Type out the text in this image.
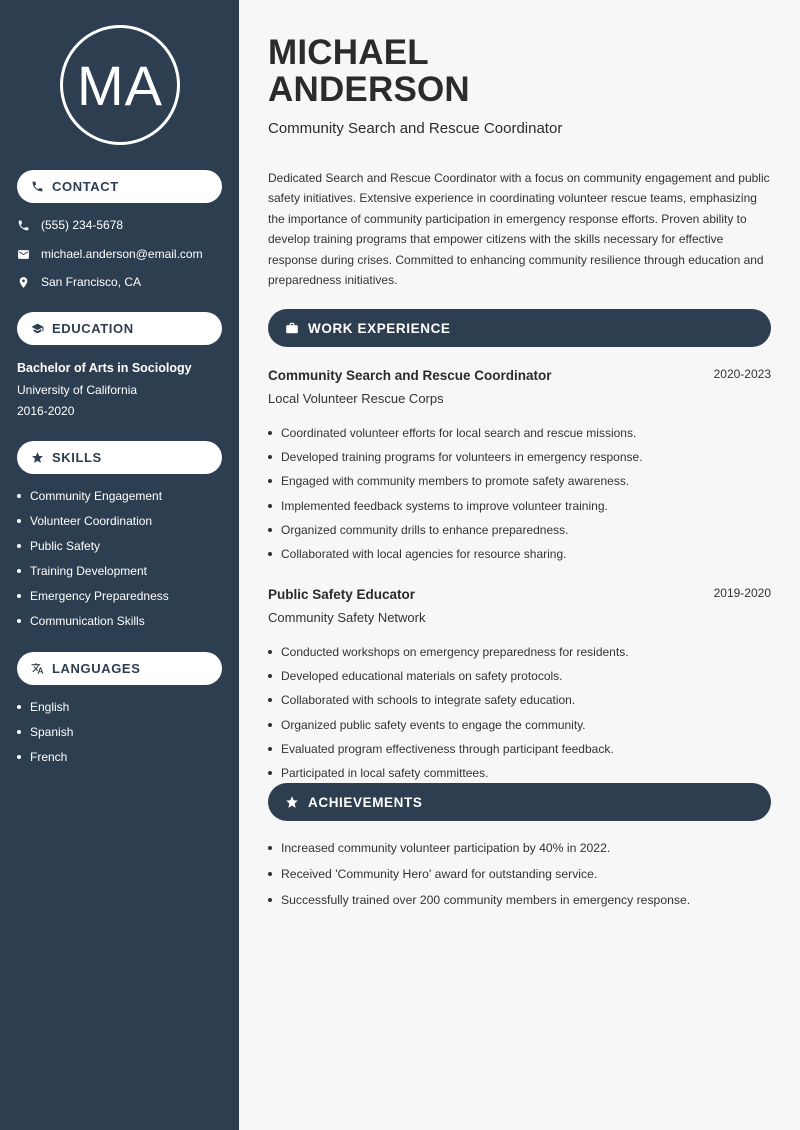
MA
CONTACT
(555) 234-5678
michael.anderson@email.com
San Francisco, CA
EDUCATION
Bachelor of Arts in Sociology
University of California
2016-2020
SKILLS
Community Engagement
Volunteer Coordination
Public Safety
Training Development
Emergency Preparedness
Communication Skills
LANGUAGES
English
Spanish
French
MICHAEL
ANDERSON
Community Search and Rescue Coordinator

Dedicated Search and Rescue Coordinator with a focus on community engagement and public safety initiatives. Extensive experience in coordinating volunteer rescue teams, emphasizing the importance of community participation in emergency response efforts. Proven ability to develop training programs that empower citizens with the skills necessary for effective response during crises. Committed to enhancing community resilience through education and preparedness initiatives.

WORK EXPERIENCE
Community Search and Rescue Coordinator	2020-2023
Local Volunteer Rescue Corps
Coordinated volunteer efforts for local search and rescue missions.
Developed training programs for volunteers in emergency response.
Engaged with community members to promote safety awareness.
Implemented feedback systems to improve volunteer training.
Organized community drills to enhance preparedness.
Collaborated with local agencies for resource sharing.
Public Safety Educator	2019-2020
Community Safety Network
Conducted workshops on emergency preparedness for residents.
Developed educational materials on safety protocols.
Collaborated with schools to integrate safety education.
Organized public safety events to engage the community.
Evaluated program effectiveness through participant feedback.
Participated in local safety committees.
ACHIEVEMENTS
Increased community volunteer participation by 40% in 2022.
Received 'Community Hero' award for outstanding service.
Successfully trained over 200 community members in emergency response.
